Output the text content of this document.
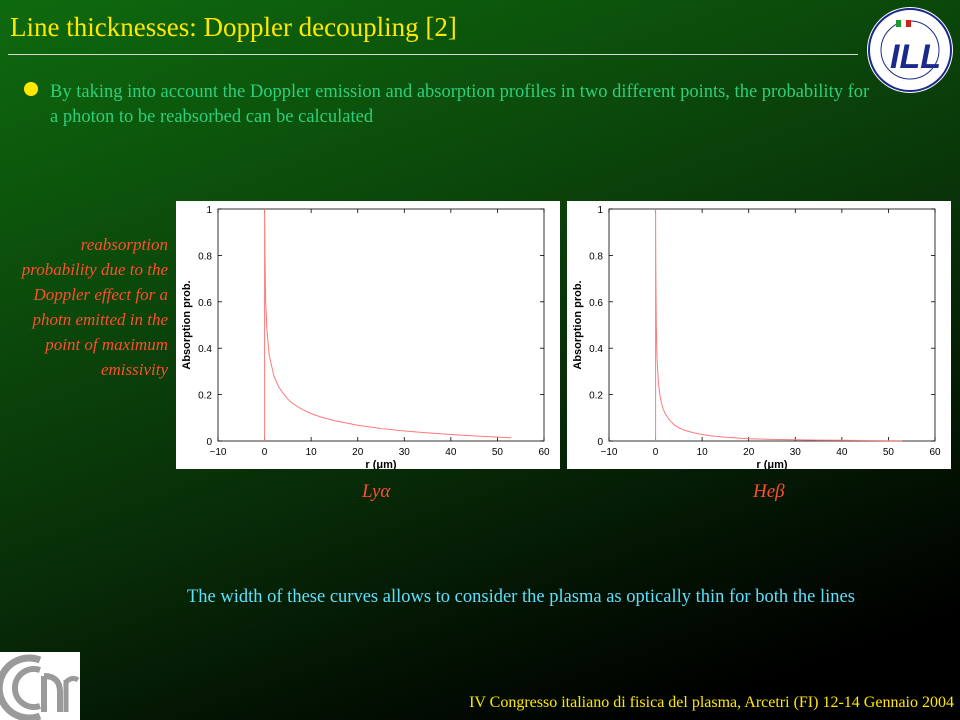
Line thicknesses: Doppler decoupling [2]
ILL
By taking into account the Doppler emission and absorption profiles in two different points, the probability for a photon to be reabsorbed can be calculated
reabsorption probability due to the Doppler effect for a photn emitted in the point of maximum emissivity
−10	0	10	20	30	40	50	60
0
0.2
0.4
0.6
0.8
1
r (μm)
Absorption prob.
−10	0	10	20	30	40	50	60
0
0.2
0.4
0.6
0.8
1
r (μm)
Absorption prob.
Lyα	Heβ
The width of these curves allows to consider the plasma as optically thin for both the lines
IV Congresso italiano di fisica del plasma, Arcetri (FI) 12-14 Gennaio 2004
